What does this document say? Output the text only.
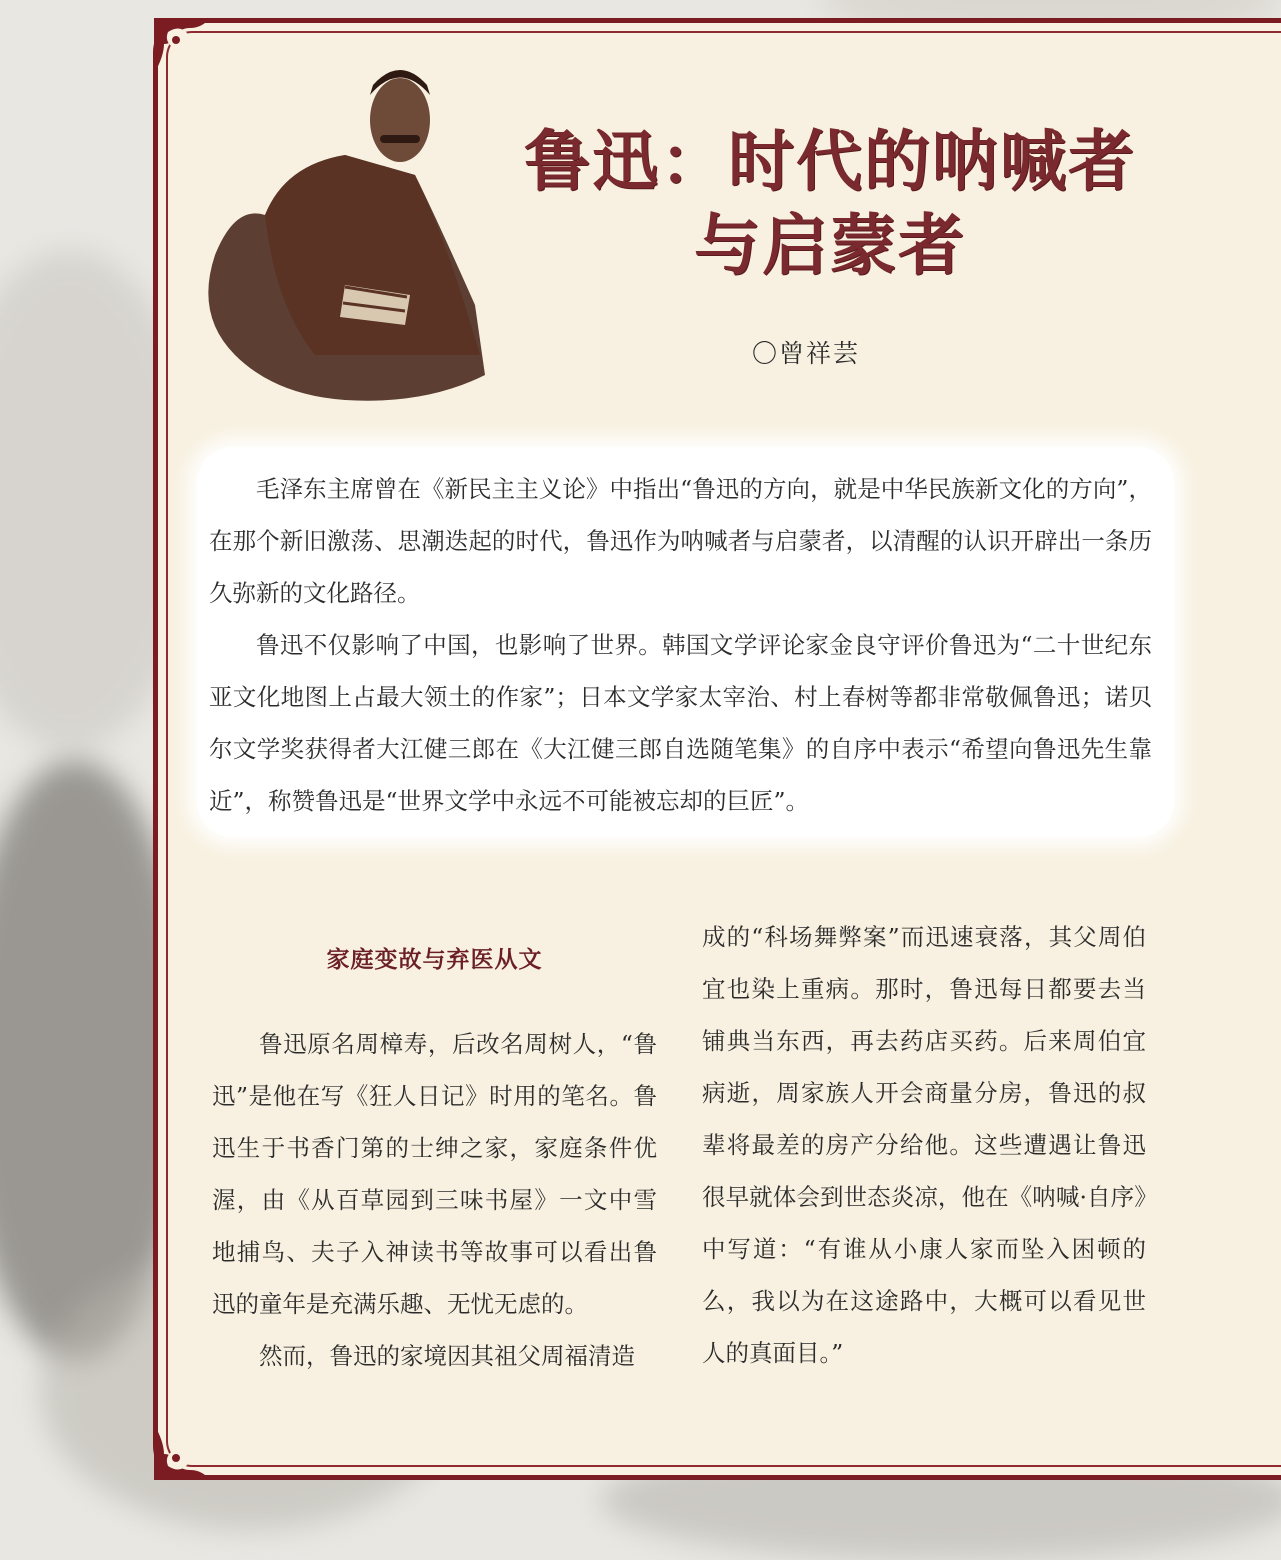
鲁迅：时代的呐喊者
与启蒙者
〇曾祥芸

毛泽东主席曾在《新民主主义论》中指出“鲁迅的方向，就是中华民族新文化的方向”，在那个新旧激荡、思潮迭起的时代，鲁迅作为呐喊者与启蒙者，以清醒的认识开辟出一条历久弥新的文化路径。

鲁迅不仅影响了中国，也影响了世界。韩国文学评论家金良守评价鲁迅为“二十世纪东亚文化地图上占最大领土的作家”；日本文学家太宰治、村上春树等都非常敬佩鲁迅；诺贝尔文学奖获得者大江健三郎在《大江健三郎自选随笔集》的自序中表示“希望向鲁迅先生靠近”，称赞鲁迅是“世界文学中永远不可能被忘却的巨匠”。

家庭变故与弃医从文

鲁迅原名周樟寿，后改名周树人，“鲁迅”是他在写《狂人日记》时用的笔名。鲁迅生于书香门第的士绅之家，家庭条件优渥，由《从百草园到三味书屋》一文中雪地捕鸟、夫子入神读书等故事可以看出鲁迅的童年是充满乐趣、无忧无虑的。

然而，鲁迅的家境因其祖父周福清造

成的“科场舞弊案”而迅速衰落，其父周伯宜也染上重病。那时，鲁迅每日都要去当铺典当东西，再去药店买药。后来周伯宜病逝，周家族人开会商量分房，鲁迅的叔辈将最差的房产分给他。这些遭遇让鲁迅很早就体会到世态炎凉，他在《呐喊·自序》中写道：“有谁从小康人家而坠入困顿的么，我以为在这途路中，大概可以看见世人的真面目。”
